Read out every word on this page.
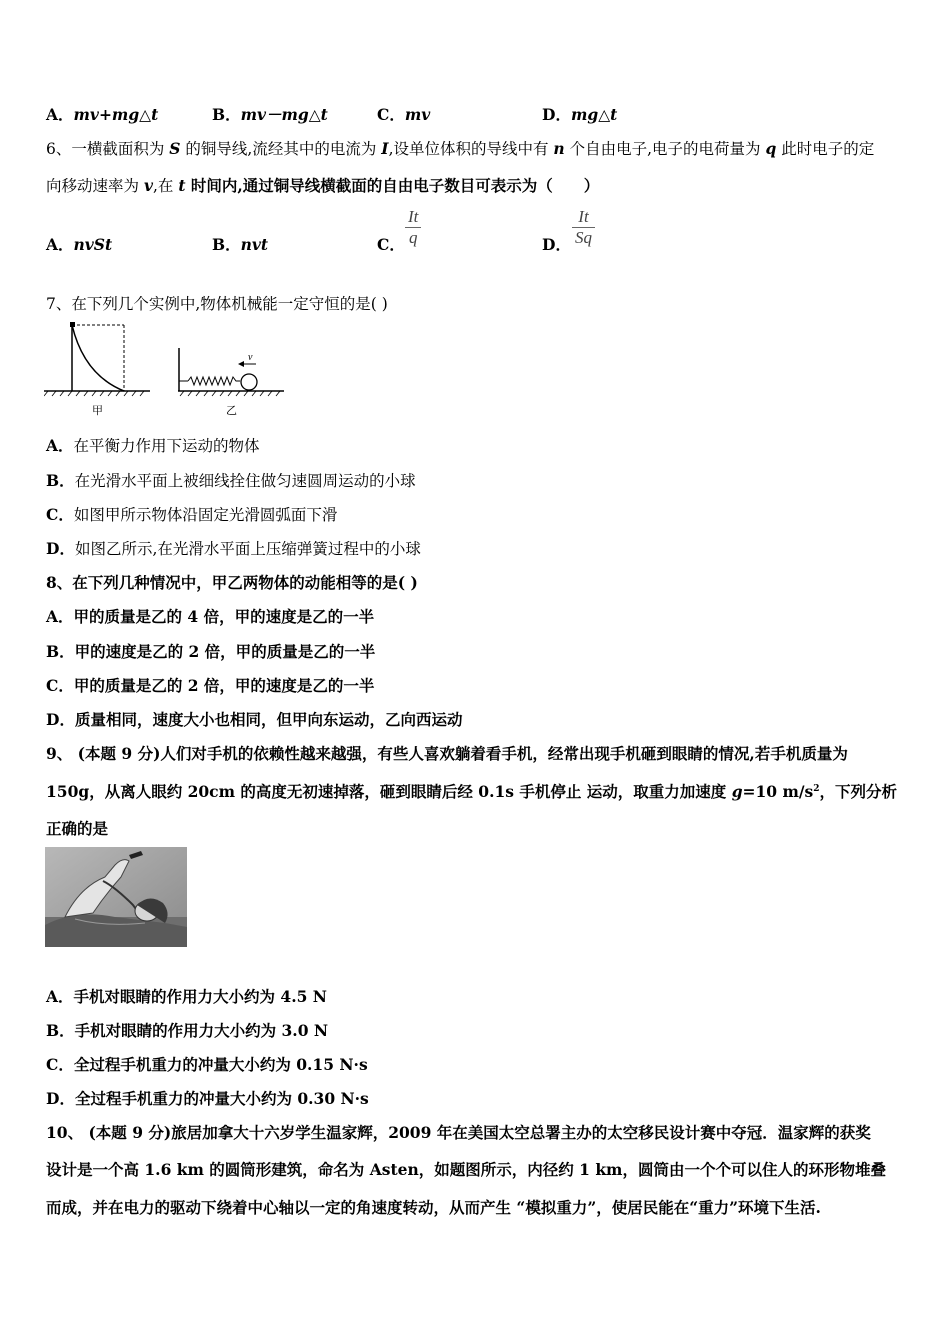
A．mv+mg△t	B．mv－mg△t	C．mv	D．mg△t
6、一横截面积为 S 的铜导线,流经其中的电流为 I,设单位体积的导线中有 n 个自由电子,电子的电荷量为 q 此时电子的定
向移动速率为 v,在 t 时间内,通过铜导线横截面的自由电子数目可表示为（　　）
A．nvSt	B．nvt	C．
It
q	D．
It
Sq
7、在下列几个实例中,物体机械能一定守恒的是( )
v
甲	乙
A．在平衡力作用下运动的物体
B．在光滑水平面上被细线拴住做匀速圆周运动的小球
C．如图甲所示物体沿固定光滑圆弧面下滑
D．如图乙所示,在光滑水平面上压缩弹簧过程中的小球
8、在下列几种情况中，甲乙两物体的动能相等的是( )
A．甲的质量是乙的 4 倍，甲的速度是乙的一半
B．甲的速度是乙的 2 倍，甲的质量是乙的一半
C．甲的质量是乙的 2 倍，甲的速度是乙的一半
D．质量相同，速度大小也相同，但甲向东运动，乙向西运动
9、 (本题 9 分)人们对手机的依赖性越来越强，有些人喜欢躺着看手机，经常出现手机砸到眼睛的情况,若手机质量为
150g，从离人眼约 20cm 的高度无初速掉落，砸到眼睛后经 0.1s 手机停止 运动，取重力加速度 g=10 $m/s^2$，下列分析
正确的是
A．手机对眼睛的作用力大小约为 4.5 N
B．手机对眼睛的作用力大小约为 3.0 N
C．全过程手机重力的冲量大小约为 0.15 N·s
D．全过程手机重力的冲量大小约为 0.30 N·s
10、 (本题 9 分)旅居加拿大十六岁学生温家辉，2009 年在美国太空总署主办的太空移民设计赛中夺冠．温家辉的获奖
设计是一个高 1.6 km 的圆筒形建筑，命名为 Asten，如题图所示，内径约 1 km，圆筒由一个个可以住人的环形物堆叠
而成，并在电力的驱动下绕着中心轴以一定的角速度转动，从而产生 “模拟重力”，使居民能在“重力”环境下生活.
